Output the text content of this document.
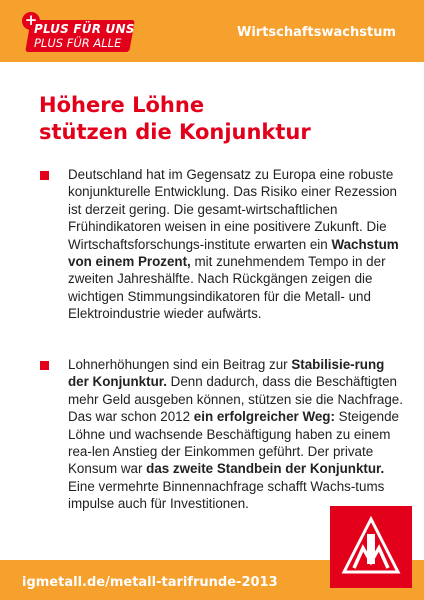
+
PLUS FÜR UNS
PLUS FÜR ALLE
Wirtschaftswachstum
Höhere Löhne
stützen die Konjunktur

Deutschland hat im Gegensatz zu Europa eine robuste konjunkturelle Entwicklung. Das Risiko einer Rezession ist derzeit gering. Die gesamt-wirtschaftlichen Frühindikatoren weisen in eine positivere Zukunft. Die Wirtschaftsforschungs-institute erwarten ein Wachstum von einem Prozent, mit zunehmendem Tempo in der zweiten Jahreshälfte. Nach Rückgängen zeigen die wichtigen Stimmungsindikatoren für die Metall- und Elektroindustrie wieder aufwärts.

Lohnerhöhungen sind ein Beitrag zur Stabilisie-rung der Konjunktur. Denn dadurch, dass die Beschäftigten mehr Geld ausgeben können, stützen sie die Nachfrage. Das war schon 2012 ein erfolgreicher Weg: Steigende Löhne und wachsende Beschäftigung haben zu einem rea-len Anstieg der Einkommen geführt. Der private Konsum war das zweite Standbein der Konjunktur. Eine vermehrte Binnennachfrage schafft Wachs-tums impulse auch für Investitionen.

igmetall.de/metall-tarifrunde-2013
